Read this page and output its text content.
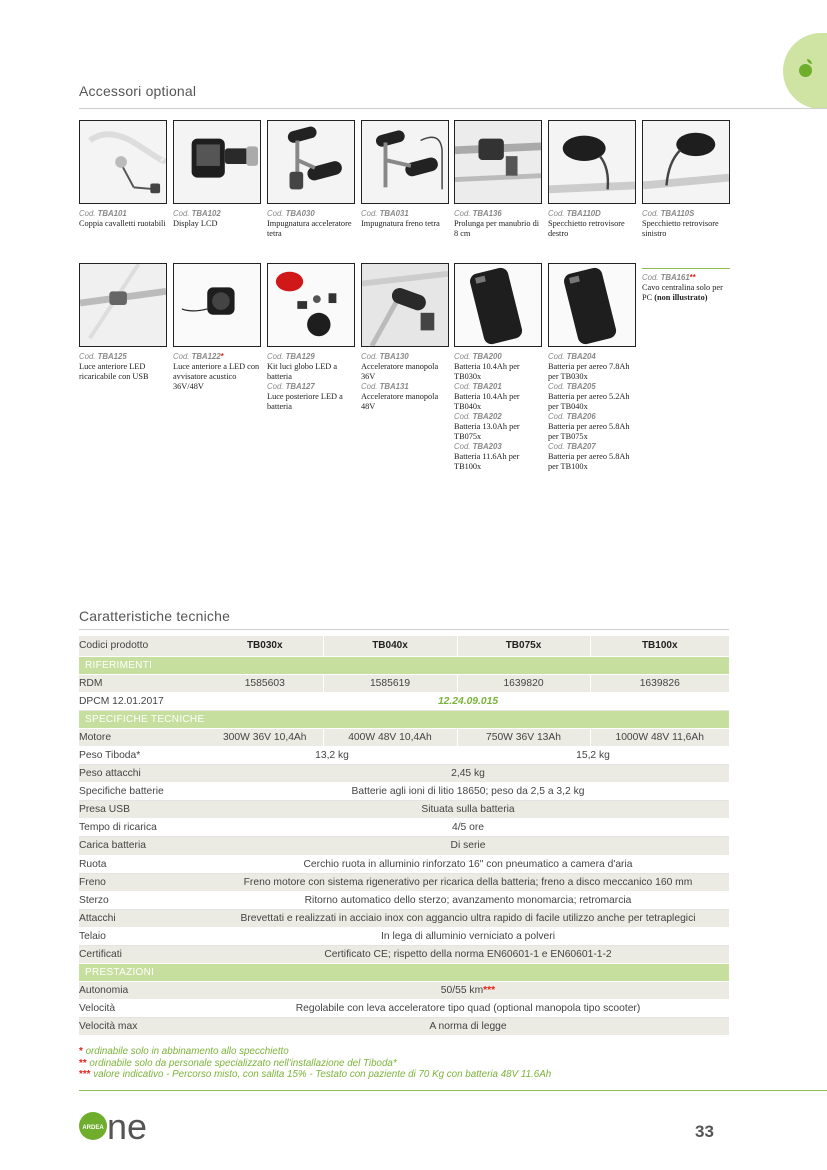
Accessori optional
Cod. TBA101
Coppia cavalletti ruotabili
Cod. TBA102
Display LCD
Cod. TBA030
Impugnatura acceleratore tetra
Cod. TBA031
Impugnatura freno tetra
Cod. TBA136
Prolunga per manubrio di 8 cm
Cod. TBA110D
Specchietto retrovisore destro
Cod. TBA110S
Specchietto retrovisore sinistro
Cod. TBA125
Luce anteriore LED ricaricabile con USB
Cod. TBA122*
Luce anteriore a LED con avvisatore acustico 36V/48V
Cod. TBA129
Kit luci globo LED a batteria
Cod. TBA127
Luce posteriore LED a batteria
Cod. TBA130
Acceleratore manopola 36V
Cod. TBA131
Acceleratore manopola 48V
Cod. TBA200
Batteria 10.4Ah per TB030x
Cod. TBA201
Batteria 10.4Ah per TB040x
Cod. TBA202
Batteria 13.0Ah per TB075x
Cod. TBA203
Batteria 11.6Ah per TB100x
Cod. TBA204
Batteria per aereo 7.8Ah per TB030x
Cod. TBA205
Batteria per aereo 5.2Ah per TB040x
Cod. TBA206
Batteria per aereo 5.8Ah per TB075x
Cod. TBA207
Batteria per aereo 5.8Ah per TB100x
Cod. TBA161**
Cavo centralina solo per PC (non illustrato)
Caratteristiche tecniche
Codici prodotto	TB030x	TB040x	TB075x	TB100x
RIFERIMENTI				
RDM	1585603	1585619	1639820	1639826
DPCM 12.01.2017	12.24.09.015			
SPECIFICHE TECNICHE				
Motore	300W 36V 10,4Ah	400W 48V 10,4Ah	750W 36V 13Ah	1000W 48V 11,6Ah
Peso Tiboda*	13,2 kg		15,2 kg	
Peso attacchi	2,45 kg			
Specifiche batterie	Batterie agli ioni di litio 18650; peso da 2,5 a 3,2 kg			
Presa USB	Situata sulla batteria			
Tempo di ricarica	4/5 ore			
Carica batteria	Di serie			
Ruota	Cerchio ruota in alluminio rinforzato 16" con pneumatico a camera d'aria			
Freno	Freno motore con sistema rigenerativo per ricarica della batteria; freno a disco meccanico 160 mm			
Sterzo	Ritorno automatico dello sterzo; avanzamento monomarcia; retromarcia			
Attacchi	Brevettati e realizzati in acciaio inox con aggancio ultra rapido di facile utilizzo anche per tetraplegici			
Telaio	In lega di alluminio verniciato a polveri			
Certificati	Certificato CE; rispetto della norma EN60601-1 e EN60601-1-2			
PRESTAZIONI				
Autonomia	50/55 km***			
Velocità	Regolabile con leva acceleratore tipo quad (optional manopola tipo scooter)			
Velocità max	A norma di legge			
* ordinabile solo in abbinamento allo specchietto
** ordinabile solo da personale specializzato nell'installazione del Tiboda*
*** valore indicativo - Percorso misto, con salita 15% - Testato con paziente di 70 Kg con batteria 48V 11.6Ah
ARDEA ne	33
